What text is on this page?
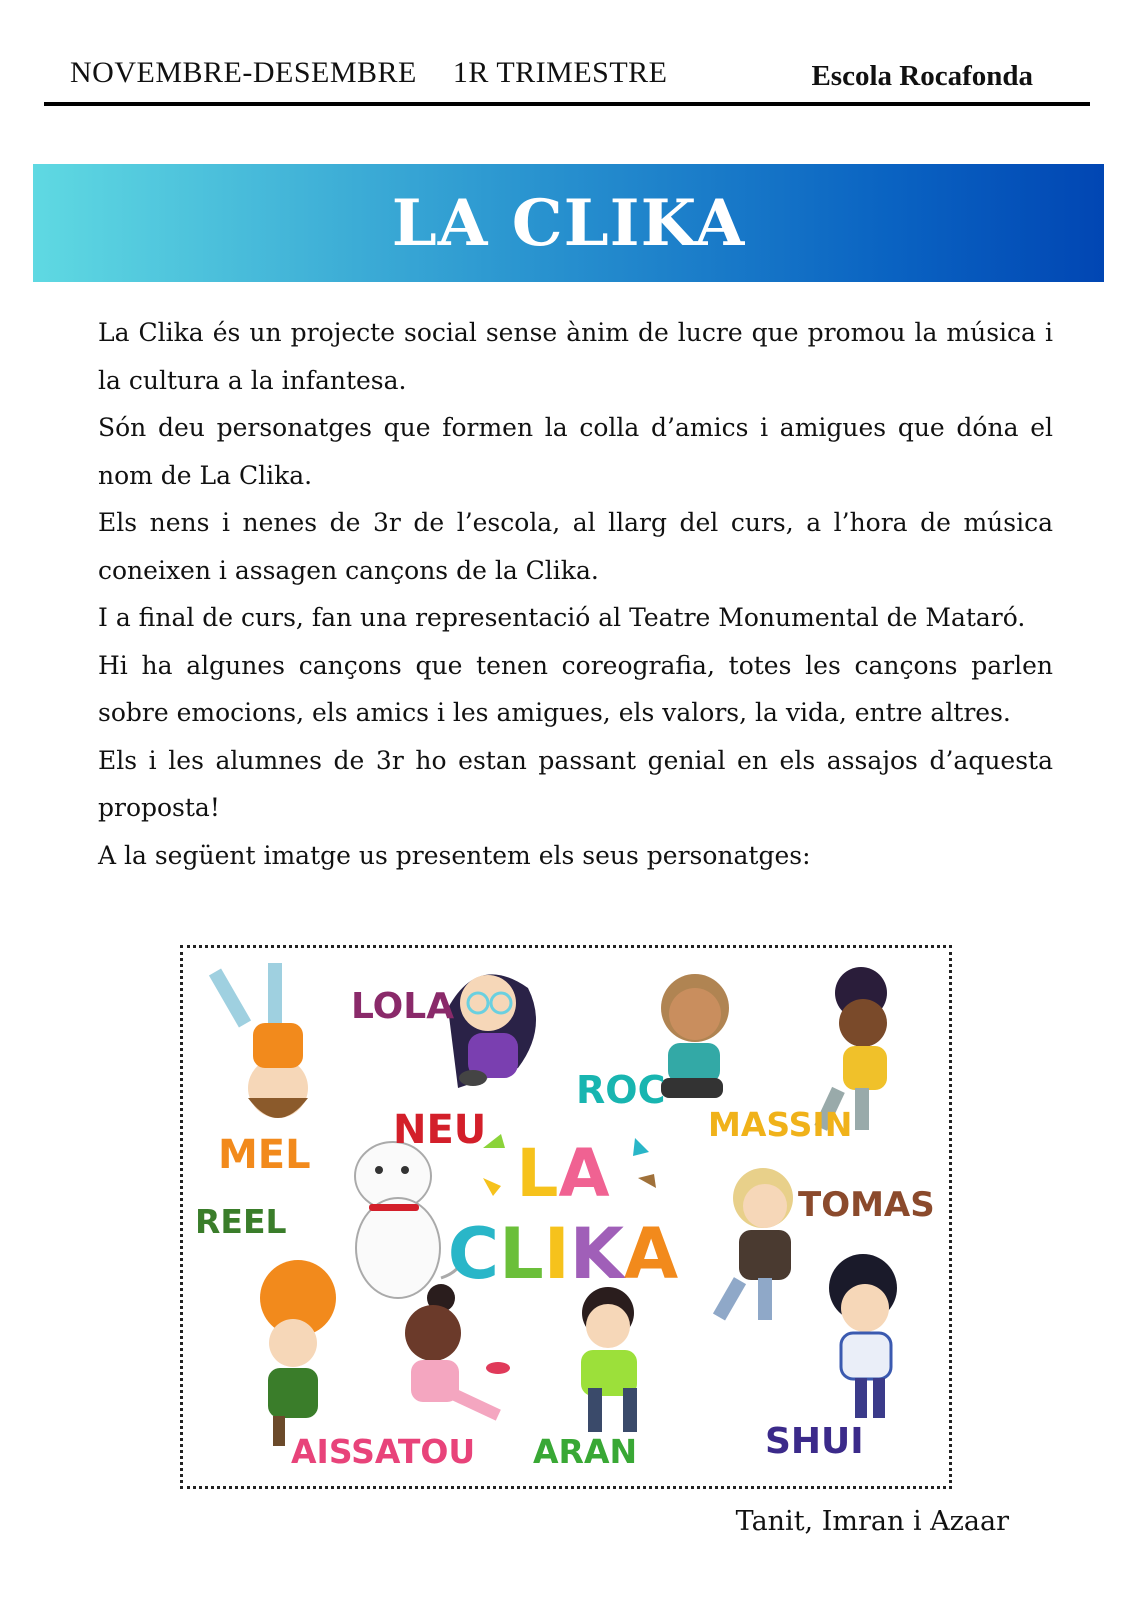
NOVEMBRE-DESEMBRE 1R TRIMESTRE	Escola Rocafonda
LA CLIKA

La Clika és un projecte social sense ànim de lucre que promou la música i la cultura a la infantesa.

Són deu personatges que formen la colla d’amics i amigues que dóna el nom de La Clika.

Els nens i nenes de 3r de l’escola, al llarg del curs, a l’hora de música coneixen i assagen cançons de la Clika.

I a final de curs, fan una representació al Teatre Monumental de Mataró.

Hi ha algunes cançons que tenen coreografia, totes les cançons parlen sobre emocions, els amics i les amigues, els valors, la vida, entre altres.

Els i les alumnes de 3r ho estan passant genial en els assajos d’aquesta proposta!

A la següent imatge us presentem els seus personatges:

LA
CLIKA
LOLA
ROC
MEL
NEU	MASSIN
REEL	TOMAS
AISSATOU ARAN	SHUI
Tanit, Imran i Azaar
